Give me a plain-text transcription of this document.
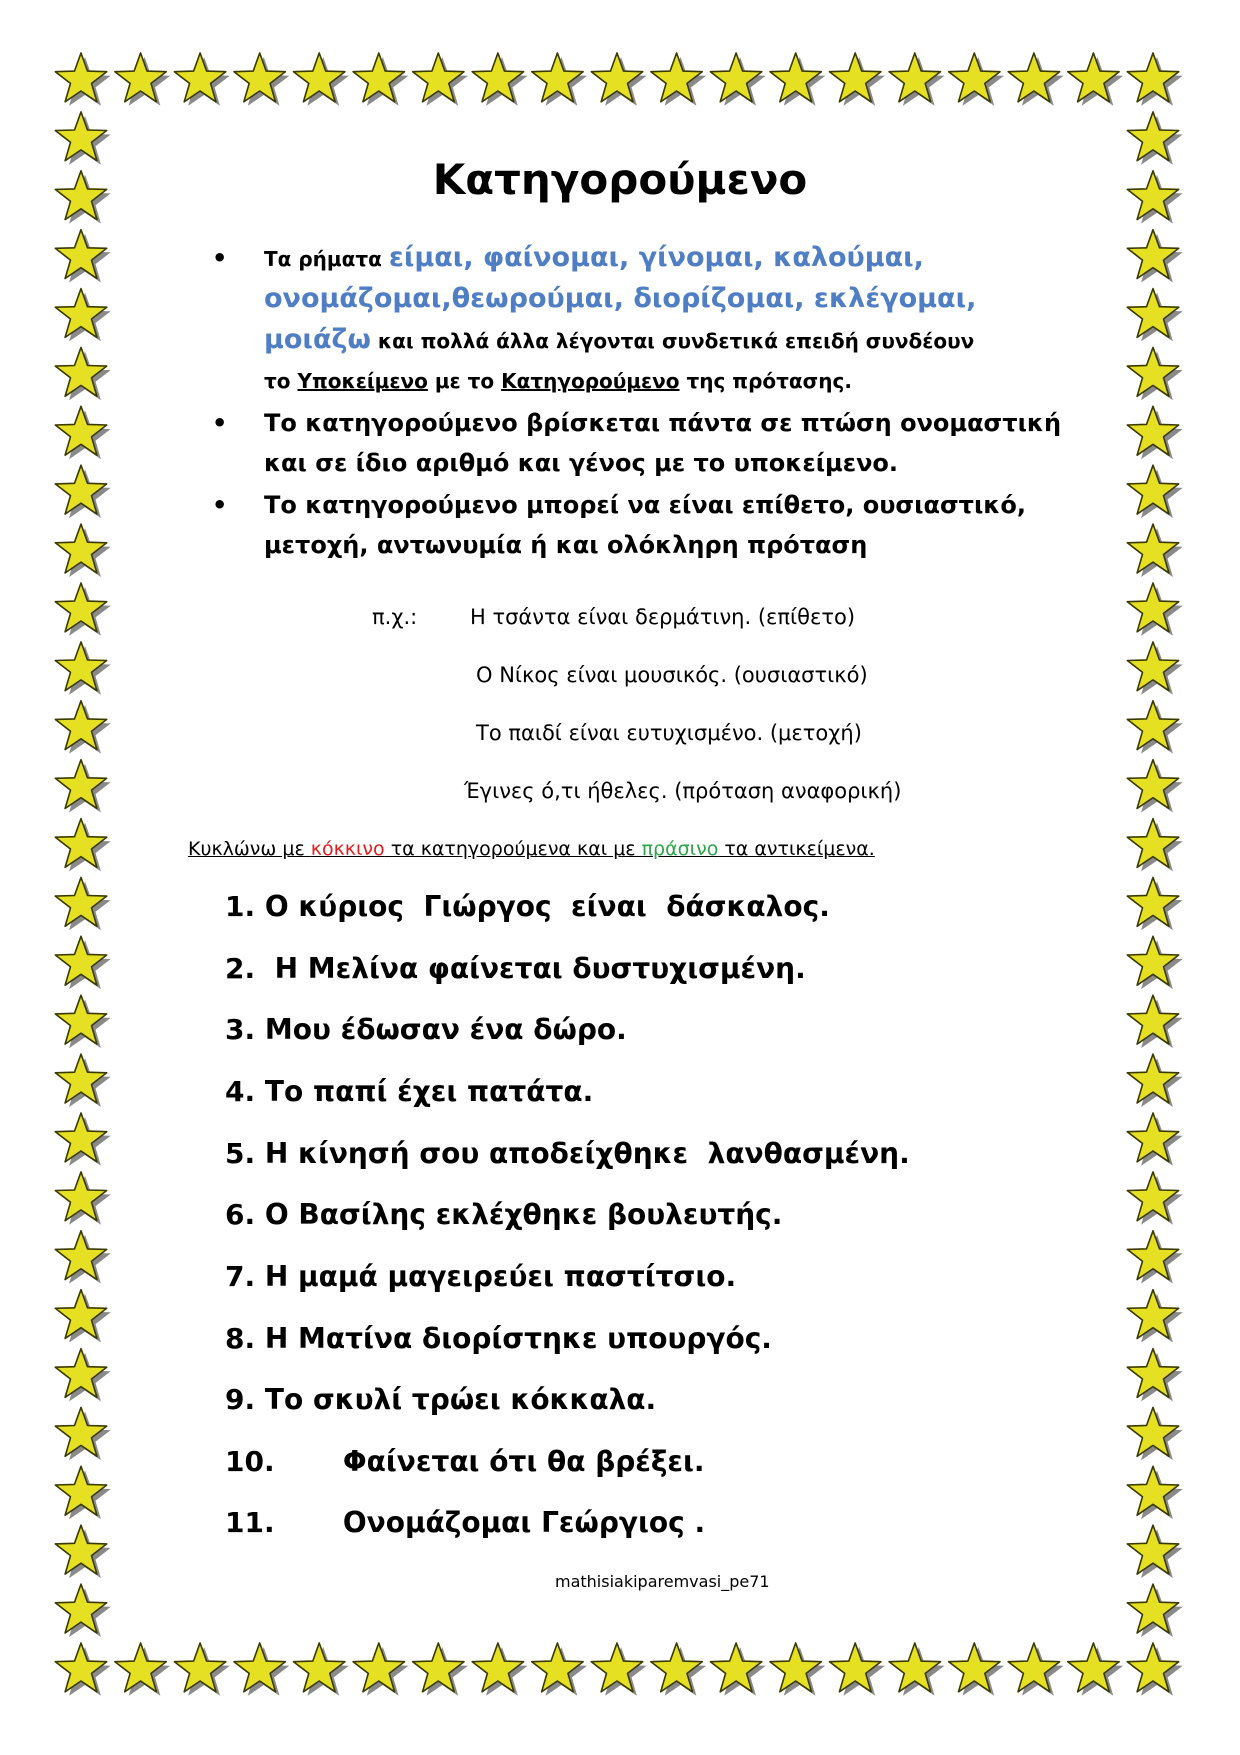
Κατηγορούμενο
• Τα ρήματα είμαι, φαίνομαι, γίνομαι, καλούμαι,
ονομάζομαι,θεωρούμαι, διορίζομαι, εκλέγομαι,
μοιάζω και πολλά άλλα λέγονται συνδετικά επειδή συνδέουν
το Υποκείμενο με το Κατηγορούμενο της πρότασης.
• Το κατηγορούμενο βρίσκεται πάντα σε πτώση ονομαστική και σε ίδιο αριθμό και γένος με το υποκείμενο.
• Το κατηγορούμενο μπορεί να είναι επίθετο, ουσιαστικό, μετοχή, αντωνυμία ή και ολόκληρη πρόταση
π.χ.:	Η τσάντα είναι δερμάτινη. (επίθετο)
Ο Νίκος είναι μουσικός. (ουσιαστικό)
Το παιδί είναι ευτυχισμένο. (μετοχή)
Έγινες ό,τι ήθελες. (πρόταση αναφορική)
Κυκλώνω με κόκκινο τα κατηγορούμενα και με πράσινο τα αντικείμενα.
1. Ο κύριος  Γιώργος  είναι  δάσκαλος.
2.  Η Μελίνα φαίνεται δυστυχισμένη.
3. Μου έδωσαν ένα δώρο.
4. Το παπί έχει πατάτα.
5. Η κίνησή σου αποδείχθηκε  λανθασμένη.
6. Ο Βασίλης εκλέχθηκε βουλευτής.
7. Η μαμά μαγειρεύει παστίτσιο.
8. Η Ματίνα διορίστηκε υπουργός.
9. Το σκυλί τρώει κόκκαλα.
10.       Φαίνεται ότι θα βρέξει.
11.       Ονομάζομαι Γεώργιος .
mathisiakiparemvasi_pe71
